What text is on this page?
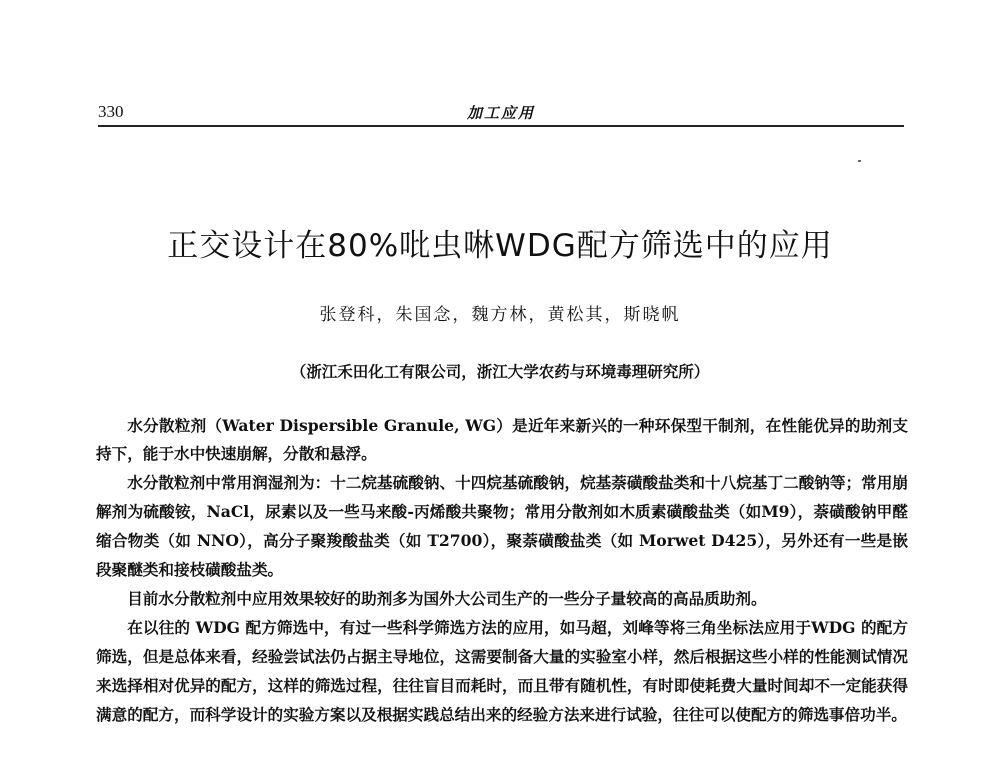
330	加工应用
正交设计在80%吡虫啉WDG配方筛选中的应用
张登科，朱国念，魏方林，黄松其，斯晓帆
（浙江禾田化工有限公司，浙江大学农药与环境毒理研究所）

水分散粒剂（Water Dispersible Granule, WG）是近年来新兴的一种环保型干制剂，在性能优异的助剂支持下，能于水中快速崩解，分散和悬浮。

水分散粒剂中常用润湿剂为：十二烷基硫酸钠、十四烷基硫酸钠，烷基萘磺酸盐类和十八烷基丁二酸钠等；常用崩解剂为硫酸铵，NaCl，尿素以及一些马来酸-丙烯酸共聚物；常用分散剂如木质素磺酸盐类（如M9），萘磺酸钠甲醛缩合物类（如 NNO），高分子聚羧酸盐类（如 T2700），聚萘磺酸盐类（如 Morwet D425），另外还有一些是嵌段聚醚类和接枝磺酸盐类。

目前水分散粒剂中应用效果较好的助剂多为国外大公司生产的一些分子量较高的高品质助剂。

在以往的 WDG 配方筛选中，有过一些科学筛选方法的应用，如马超，刘峰等将三角坐标法应用于WDG 的配方筛选，但是总体来看，经验尝试法仍占据主导地位，这需要制备大量的实验室小样，然后根据这些小样的性能测试情况来选择相对优异的配方，这样的筛选过程，往往盲目而耗时，而且带有随机性，有时即使耗费大量时间却不一定能获得满意的配方，而科学设计的实验方案以及根据实践总结出来的经验方法来进行试验，往往可以使配方的筛选事倍功半。
